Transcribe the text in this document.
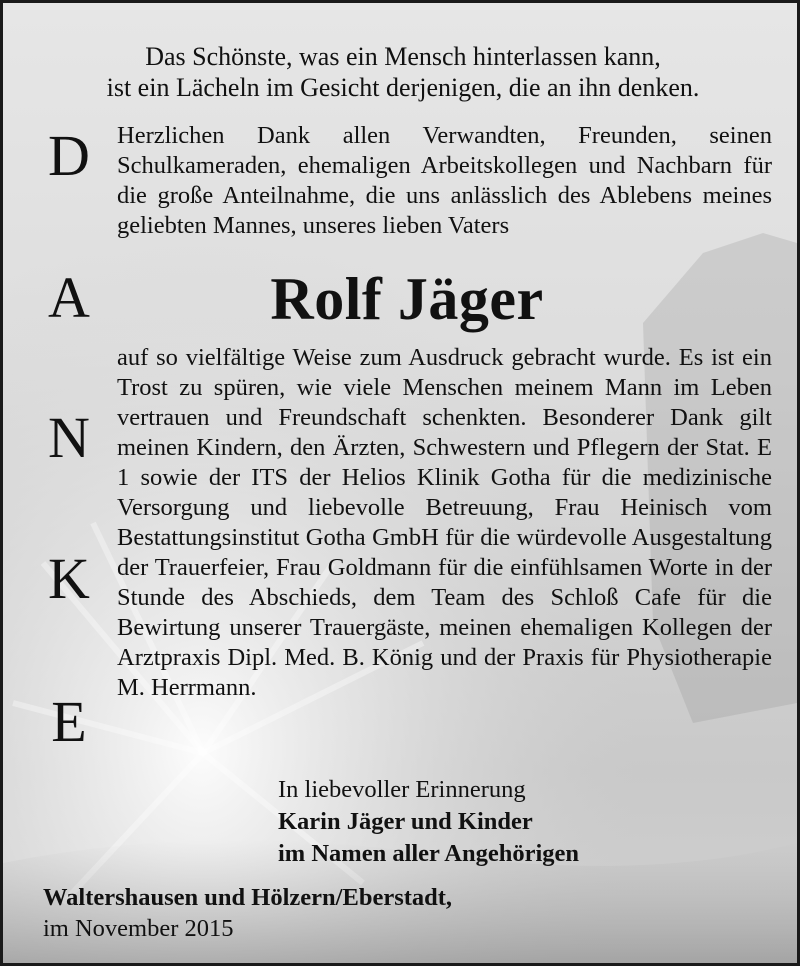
Das Schönste, was ein Mensch hinterlassen kann,
ist ein Lächeln im Gesicht derjenigen, die an ihn denken.
D
A
N
K
E
Herzlichen Dank allen Verwandten, Freunden, seinen Schulkameraden, ehemaligen Arbeitskollegen und Nachbarn für die große Anteilnahme, die uns anlässlich des Ablebens meines geliebten Mannes, unseres lieben Vaters
Rolf Jäger
auf so vielfältige Weise zum Ausdruck gebracht wurde. Es ist ein Trost zu spüren, wie viele Menschen meinem Mann im Leben vertrauen und Freundschaft schenkten. Besonderer Dank gilt meinen Kindern, den Ärzten, Schwestern und Pflegern der Stat. E 1 sowie der ITS der Helios Klinik Gotha für die medizinische Versorgung und liebevolle Betreuung, Frau Heinisch vom Bestattungsinstitut Gotha GmbH für die würdevolle Ausgestaltung der Trauerfeier, Frau Goldmann für die einfühlsamen Worte in der Stunde des Abschieds, dem Team des Schloß Cafe für die Bewirtung unserer Trauergäste, meinen ehemaligen Kollegen der Arztpraxis Dipl. Med. B. König und der Praxis für Physiotherapie M. Herrmann.
In liebevoller Erinnerung
Karin Jäger und Kinder
im Namen aller Angehörigen
Waltershausen und Hölzern/Eberstadt,
im November 2015
